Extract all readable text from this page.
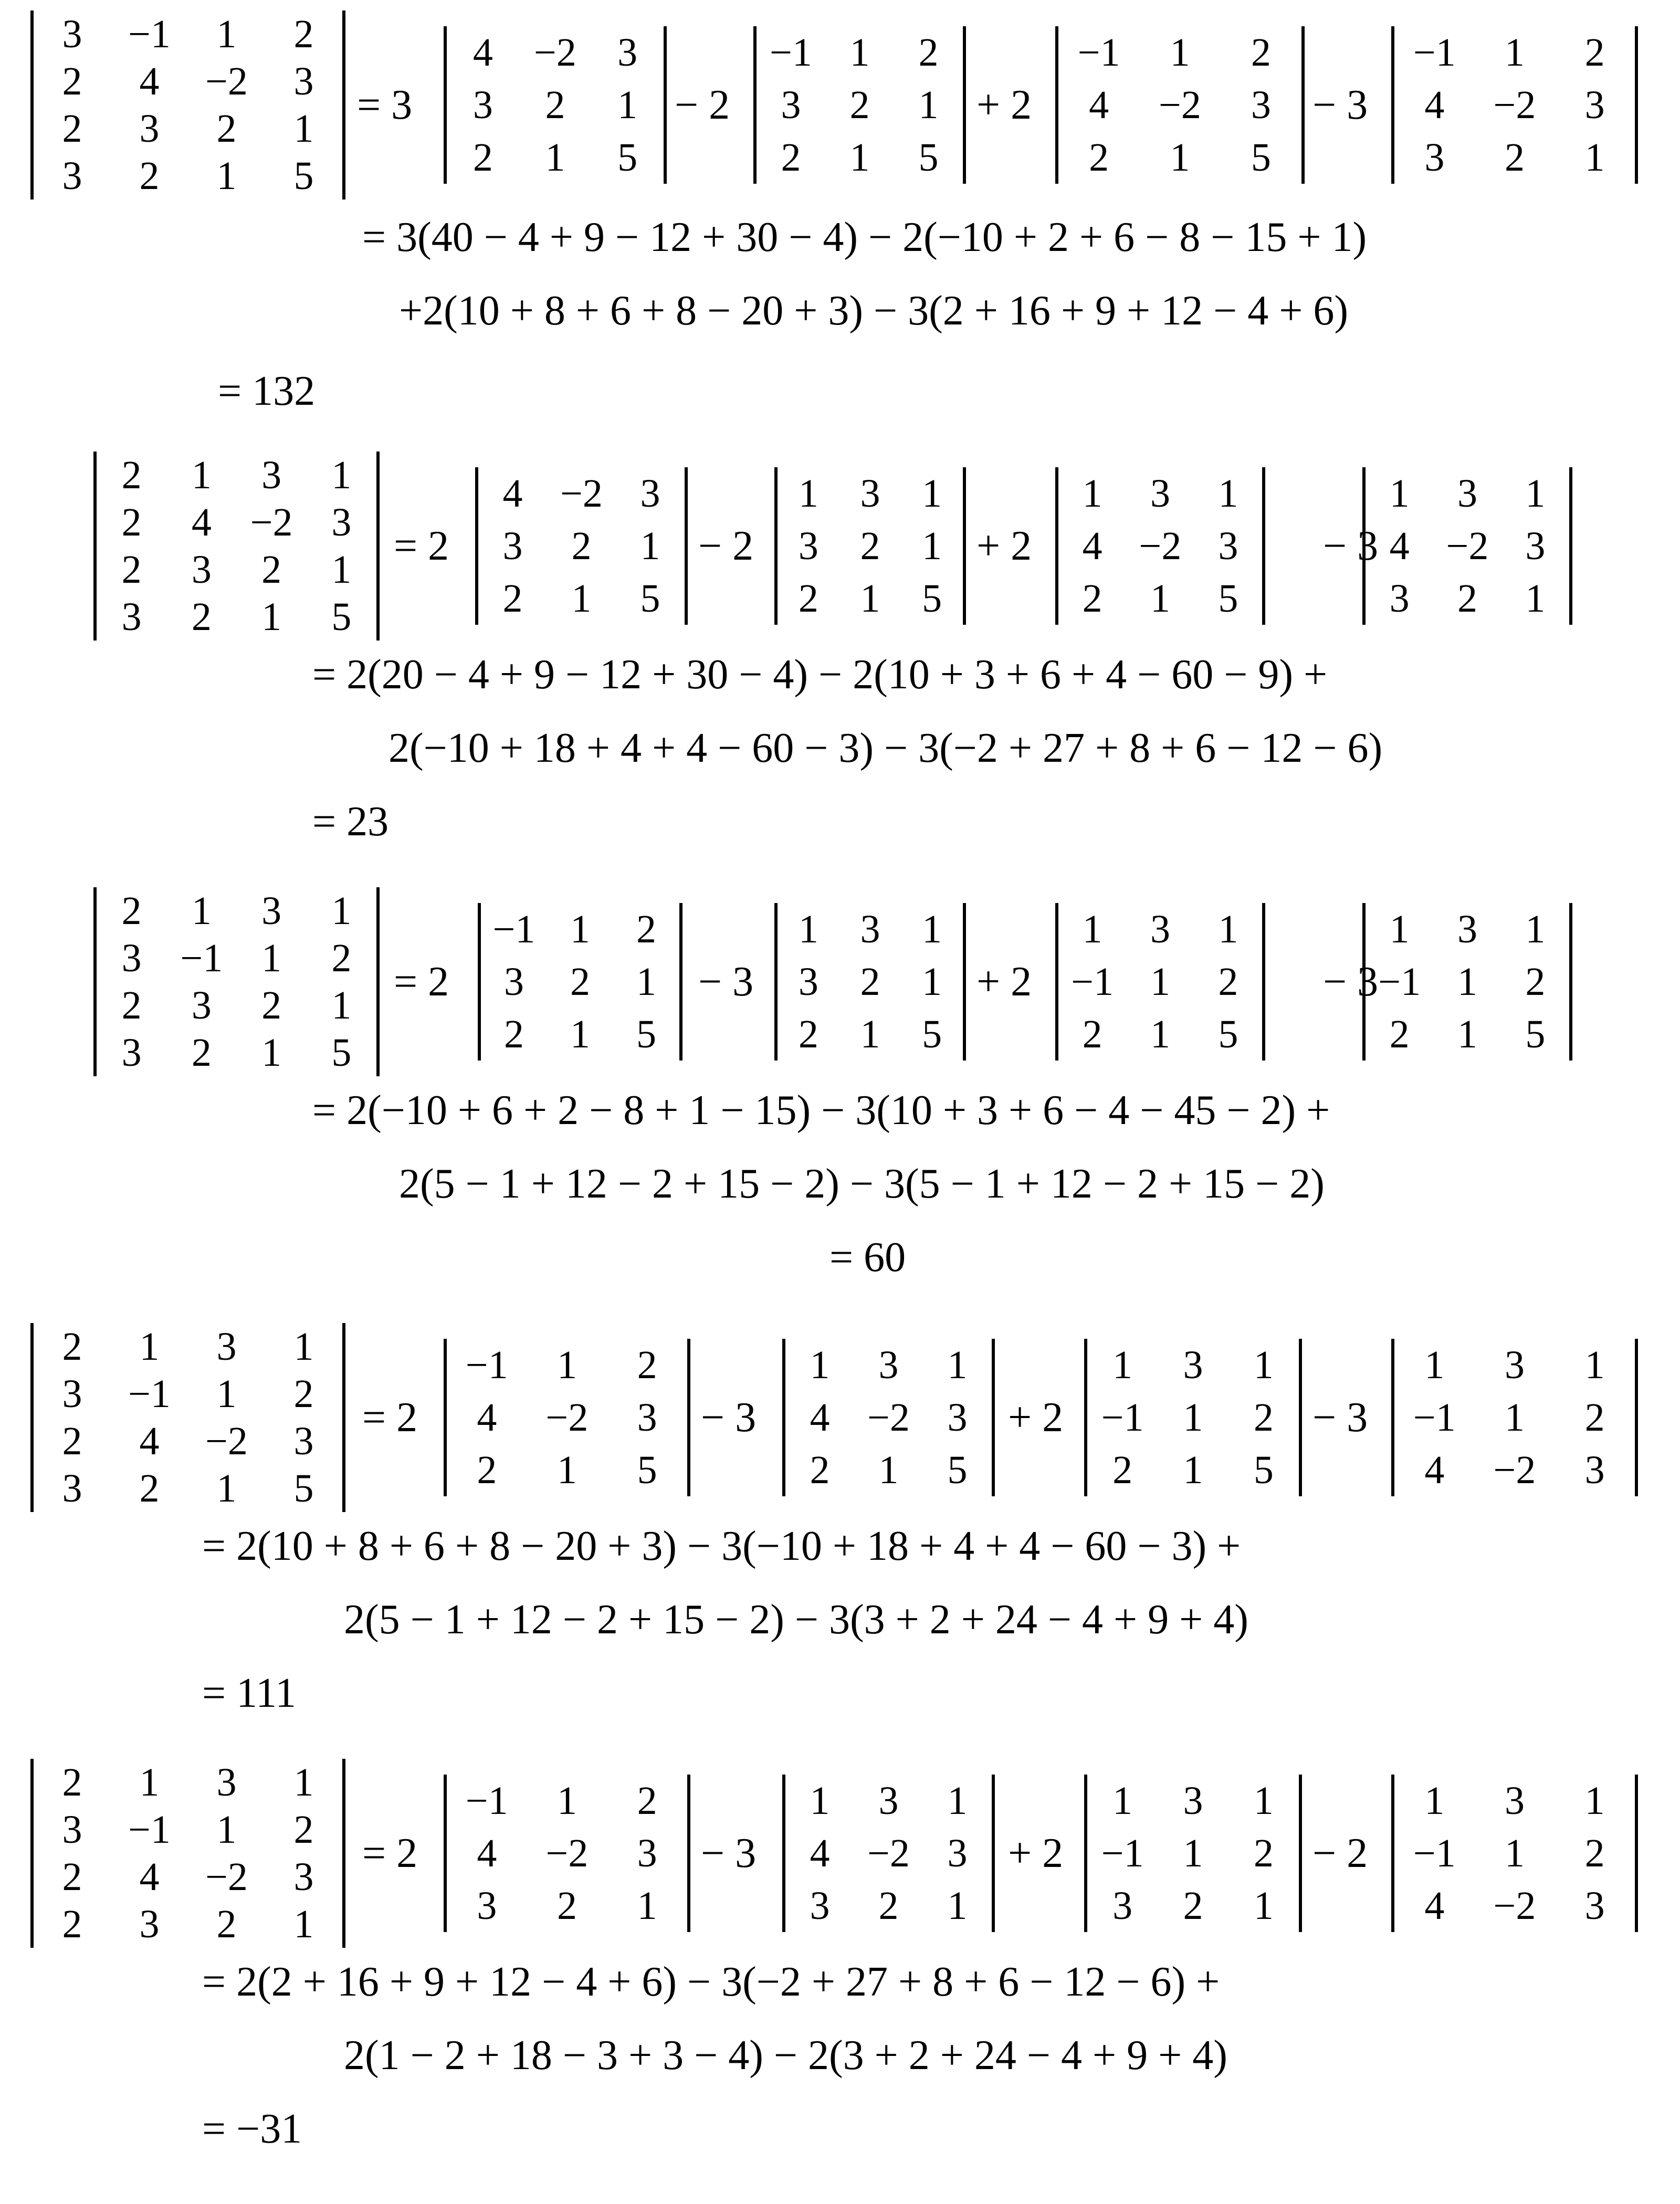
3	−1	1	2
2	4	−2	3
2	3	2	1
3	2	1	5
= 3
4	−2	3
3	2	1
2	1	5
− 2
−1 1	2
3	2	1
2	1	5
+ 2
−1	1	2
4	−2	3
2	1	5
− 3
−1	1	2
4	−2	3
3	2	1
= 3(40 − 4 + 9 − 12 + 30 − 4) − 2(−10 + 2 + 6 − 8 − 15 + 1)
+2(10 + 8 + 6 + 8 − 20 + 3) − 3(2 + 16 + 9 + 12 − 4 + 6)
= 132
2	1	3	1
2	4 −2 3
2	3	2	1
3	2	1	5
= 2
4 −2 3
3	2	1
2	1	5
− 2
1	3	1
3	2	1
2	1	5
+ 2
1	3	1
4 −2 3
2	1	5
− 3
1	3	1
4 −2 3
3	2	1
= 2(20 − 4 + 9 − 12 + 30 − 4) − 2(10 + 3 + 6 + 4 − 60 − 9) +
2(−10 + 18 + 4 + 4 − 60 − 3) − 3(−2 + 27 + 8 + 6 − 12 − 6)
= 23
2	1	3	1
3 −1 1	2
2	3	2	1
3	2	1	5
= 2
−1 1	2
3	2	1
2	1	5
− 3
1	3	1
3	2	1
2	1	5
+ 2
1	3	1
−1 1	2
2	1	5
− 3
1	3	1
−1 1	2
2	1	5
= 2(−10 + 6 + 2 − 8 + 1 − 15) − 3(10 + 3 + 6 − 4 − 45 − 2) +
2(5 − 1 + 12 − 2 + 15 − 2) − 3(5 − 1 + 12 − 2 + 15 − 2)
= 60
2	1	3	1
3	−1	1	2
2	4	−2	3
3	2	1	5
= 2
−1	1	2
4	−2	3
2	1	5
− 3
1	3	1
4 −2 3
2	1	5
+ 2
1	3	1
−1 1	2
2	1	5
− 3
1	3	1
−1	1	2
4	−2	3
= 2(10 + 8 + 6 + 8 − 20 + 3) − 3(−10 + 18 + 4 + 4 − 60 − 3) +
2(5 − 1 + 12 − 2 + 15 − 2) − 3(3 + 2 + 24 − 4 + 9 + 4)
= 111
2	1	3	1
3	−1	1	2
2	4	−2	3
2	3	2	1
= 2
−1	1	2
4	−2	3
3	2	1
− 3
1	3	1
4 −2 3
3	2	1
+ 2
1	3	1
−1 1	2
3	2	1
− 2
1	3	1
−1	1	2
4	−2	3
= 2(2 + 16 + 9 + 12 − 4 + 6) − 3(−2 + 27 + 8 + 6 − 12 − 6) +
2(1 − 2 + 18 − 3 + 3 − 4) − 2(3 + 2 + 24 − 4 + 9 + 4)
= −31
